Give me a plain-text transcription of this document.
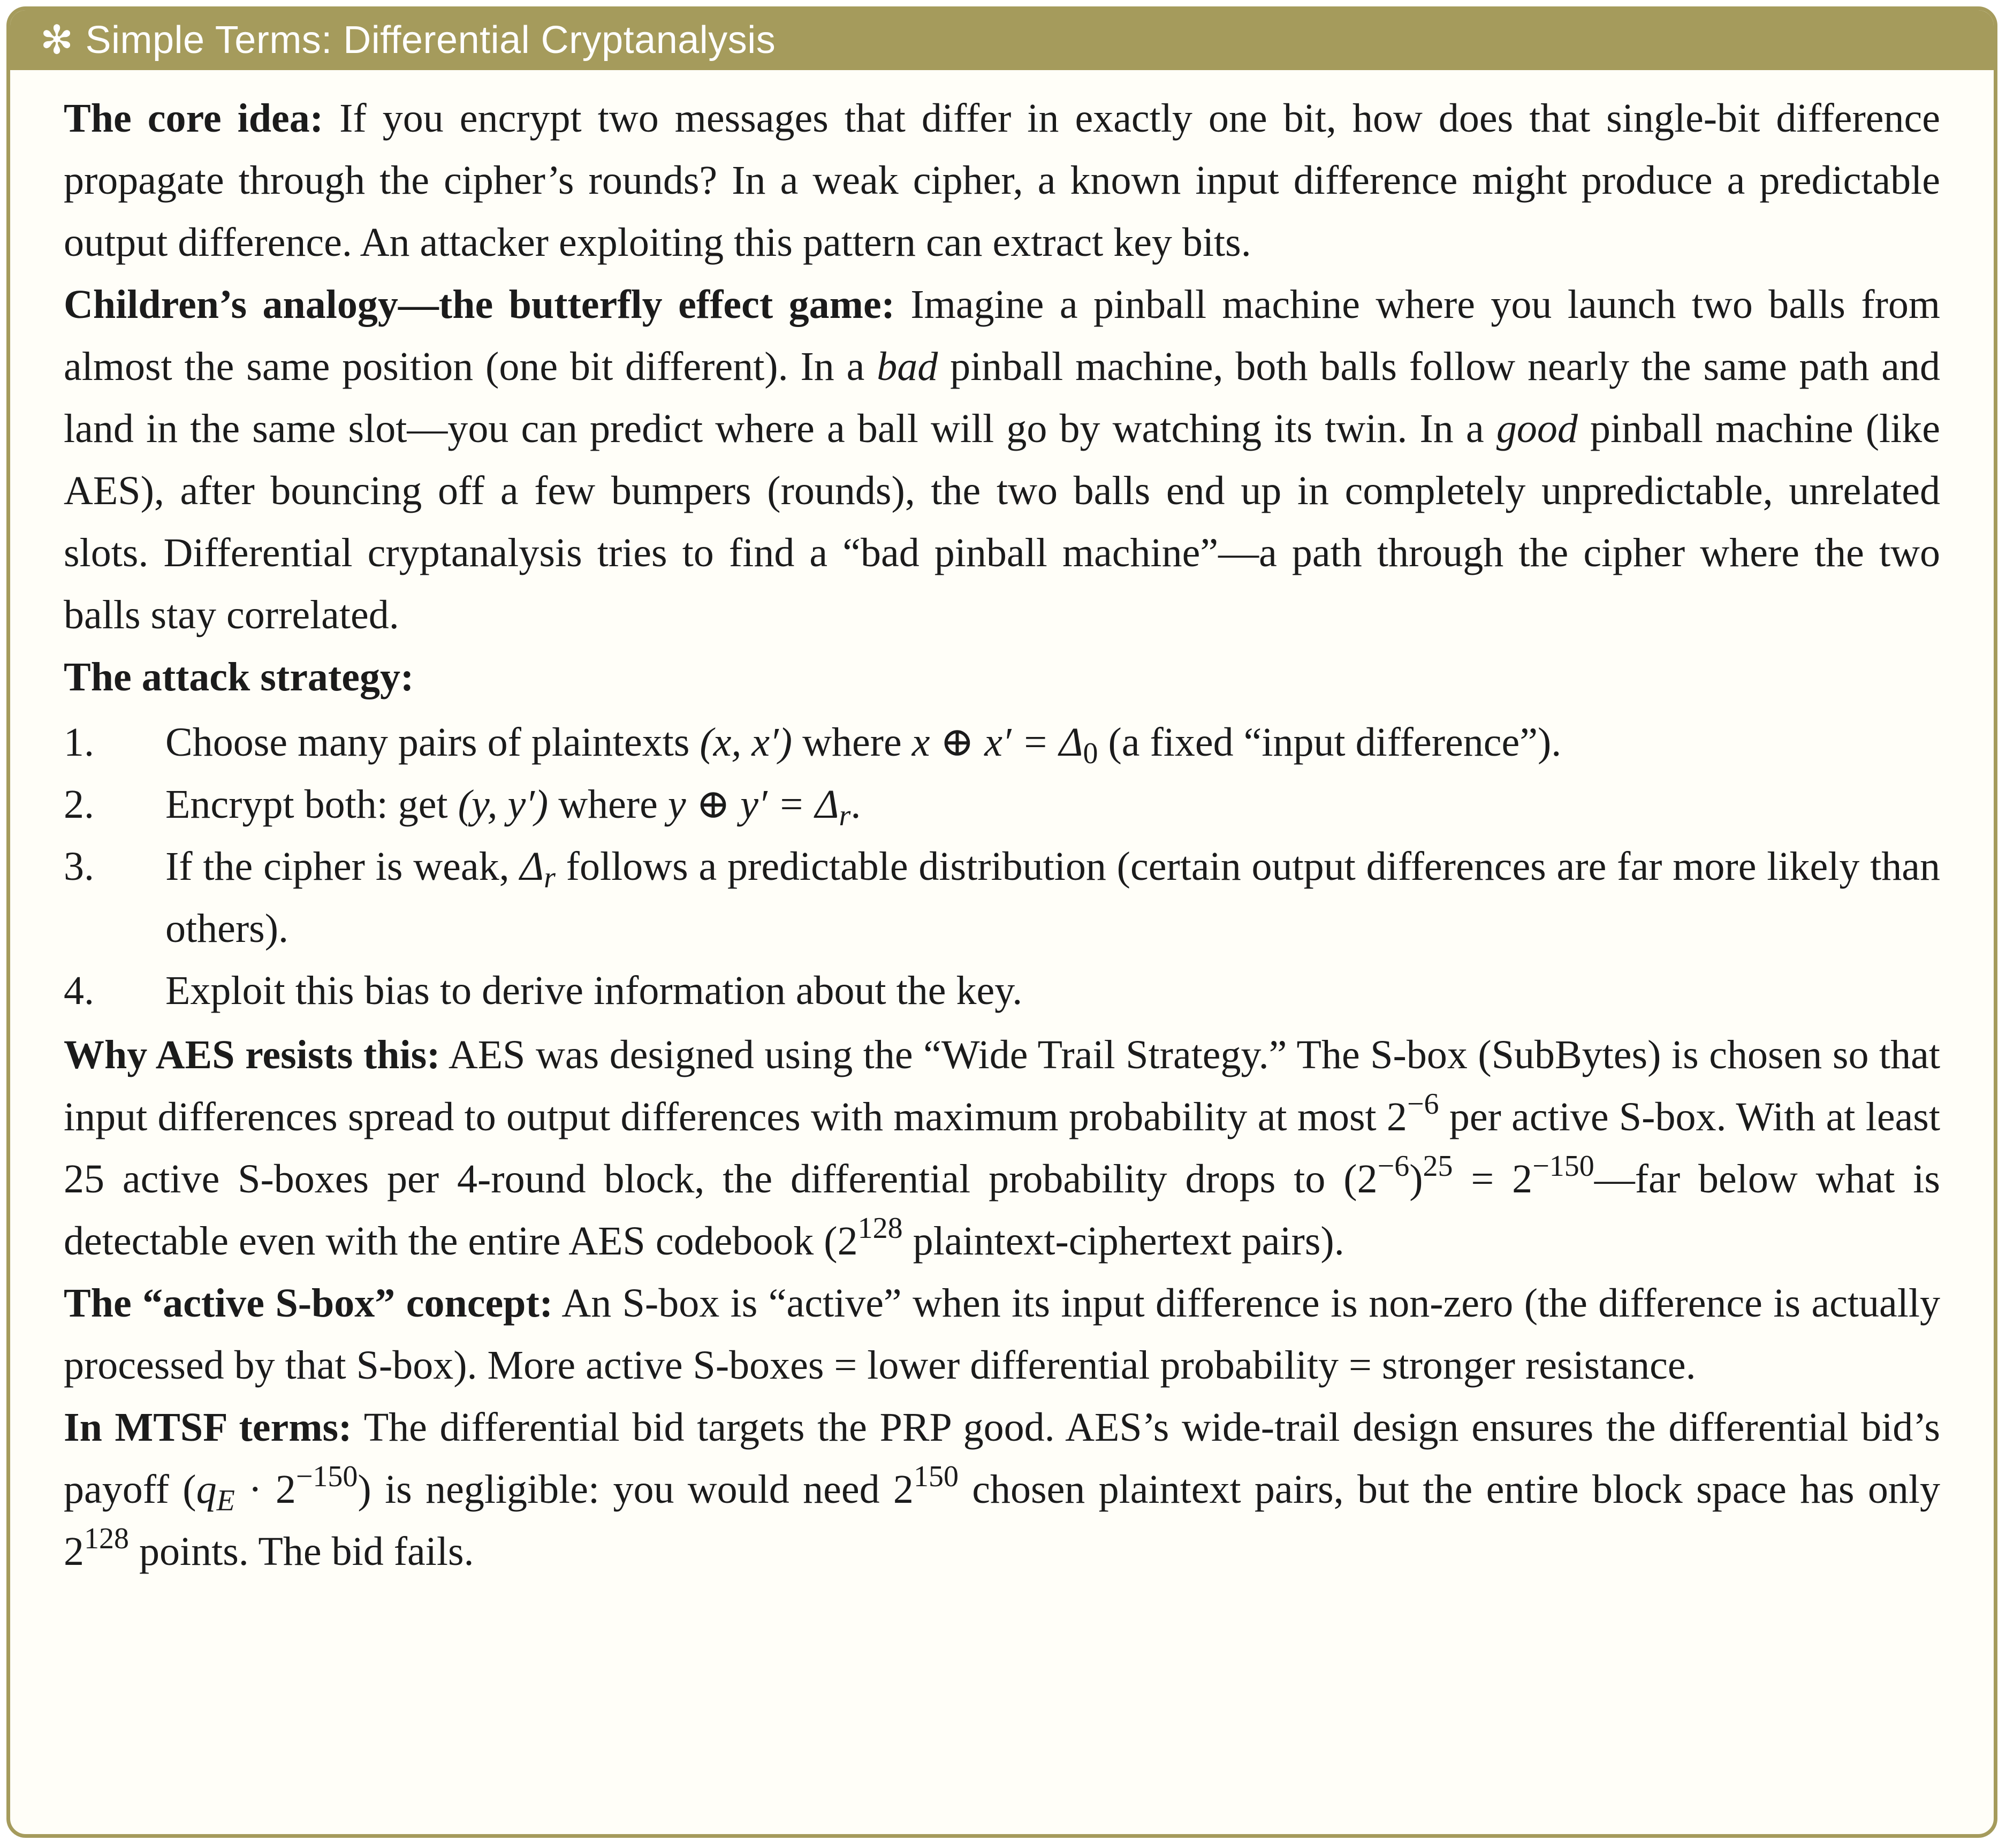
✻ Simple Terms: Differential Cryptanalysis

The core idea: If you encrypt two messages that differ in exactly one bit, how does that single-bit difference propagate through the cipher’s rounds? In a weak cipher, a known input difference might produce a predictable output difference. An attacker exploiting this pattern can extract key bits.

Children’s analogy—the butterfly effect game: Imagine a pinball machine where you launch two balls from almost the same position (one bit different). In a bad pinball machine, both balls follow nearly the same path and land in the same slot—you can predict where a ball will go by watching its twin. In a good pinball machine (like AES), after bouncing off a few bumpers (rounds), the two balls end up in completely unpredictable, unrelated slots. Differential cryptanalysis tries to find a “bad pinball machine”—a path through the cipher where the two balls stay correlated.

The attack strategy:

1.	Choose many pairs of plaintexts (x, x′) where x ⊕ $x' = \Delta_0$ (a fixed “input difference”).
2.	Encrypt both: get (y, y′) where y ⊕ $y' = \Delta_r$.
3.	If the cipher is weak, $\Delta_r$ follows a predictable distribution (certain output differences are far more likely than others).
4.	Exploit this bias to derive information about the key.

Why AES resists this: AES was designed using the “Wide Trail Strategy.” The S-box (SubBytes) is chosen so that input differences spread to output differences with maximum probability at most $2^{-6}$ per active S-box. With at least 25 active S-boxes per 4-round block, the differential probability drops to $(2^{-6})^{25}$ = $2^{-150}—far$ below what is detectable even with the entire AES codebook ($2^{128}$ plaintext-ciphertext pairs).

The “active S-box” concept: An S-box is “active” when its input difference is non-zero (the difference is actually processed by that S-box). More active S-boxes = lower differential probability = stronger resistance.

In MTSF terms: The differential bid targets the PRP good. AES’s wide-trail design ensures the differential bid’s payoff $(q_E \cdot 2^{-150})$ is negligible: you would need $2^{150}$ chosen plaintext pairs, but the entire block space has only $2^{128}$ points. The bid fails.
